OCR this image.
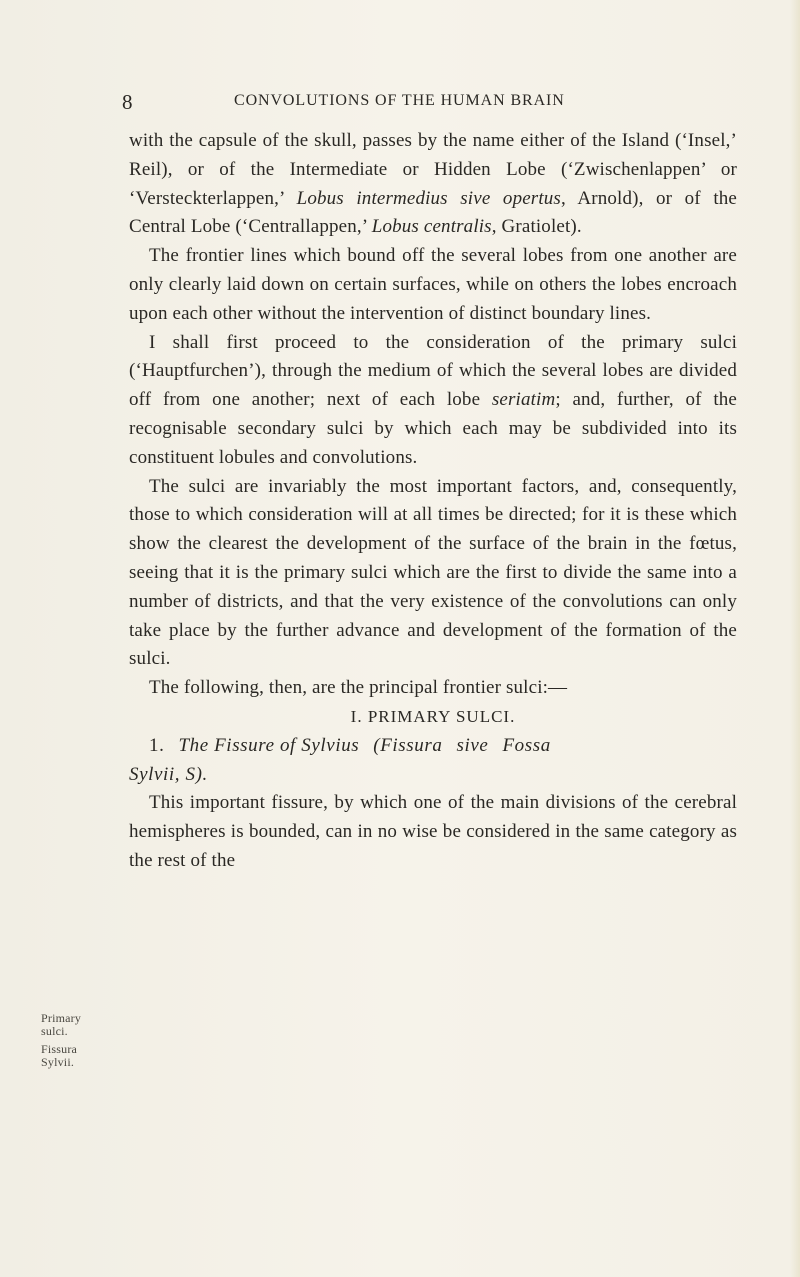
8	CONVOLUTIONS OF THE HUMAN BRAIN
Primary
sulci.
Fissura
Sylvii.

with the capsule of the skull, passes by the name either of the Island (‘Insel,’ Reil), or of the Intermediate or Hidden Lobe (‘Zwischenlappen’ or ‘Versteckterlappen,’ Lobus intermedius sive opertus, Arnold), or of the Central Lobe (‘Centrallappen,’ Lobus centralis, Gratiolet).

The frontier lines which bound off the several lobes from one another are only clearly laid down on certain surfaces, while on others the lobes encroach upon each other without the intervention of distinct boundary lines.

I shall first proceed to the consideration of the primary sulci (‘Hauptfurchen’), through the medium of which the several lobes are divided off from one another; next of each lobe seriatim; and, further, of the recognisable secondary sulci by which each may be subdivided into its constituent lobules and convolutions.

The sulci are invariably the most important factors, and, consequently, those to which consideration will at all times be directed; for it is these which show the clearest the development of the surface of the brain in the fœtus, seeing that it is the primary sulci which are the first to divide the same into a number of districts, and that the very existence of the convolutions can only take place by the further advance and development of the formation of the sulci.

The following, then, are the principal frontier sulci:—

I. PRIMARY SULCI.

1. The Fissure of Sylvius (Fissura sive Fossa
Sylvii, S).

This important fissure, by which one of the main divisions of the cerebral hemispheres is bounded, can in no wise be considered in the same category as the rest of the
